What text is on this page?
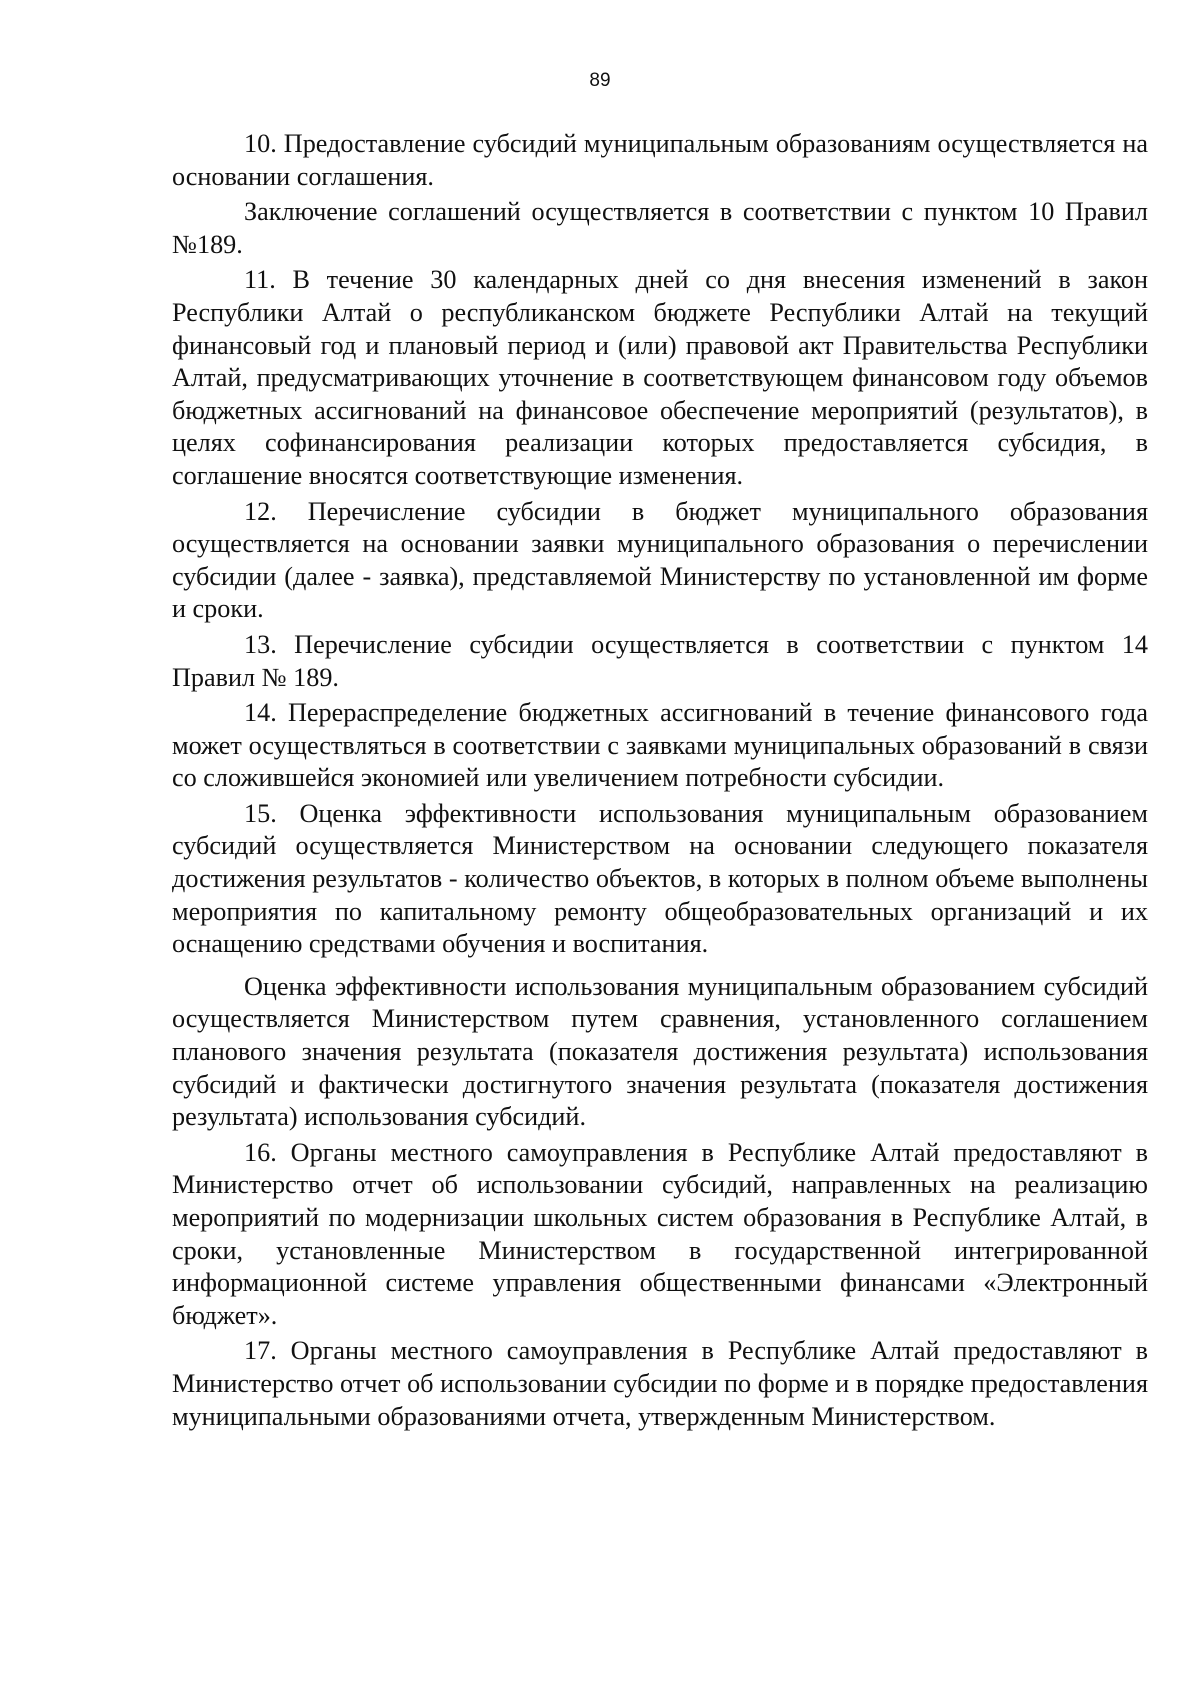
89

10. Предоставление субсидий муниципальным образованиям осуществляется на основании соглашения.

Заключение соглашений осуществляется в соответствии с пунктом 10 Правил №189.

11. В течение 30 календарных дней со дня внесения изменений в закон Республики Алтай о республиканском бюджете Республики Алтай на текущий финансовый год и плановый период и (или) правовой акт Правительства Республики Алтай, предусматривающих уточнение в соответствующем финансовом году объемов бюджетных ассигнований на финансовое обеспечение мероприятий (результатов), в целях софинансирования реализации которых предоставляется субсидия, в соглашение вносятся соответствующие изменения.

12. Перечисление субсидии в бюджет муниципального образования осуществляется на основании заявки муниципального образования о перечислении субсидии (далее - заявка), представляемой Министерству по установленной им форме и сроки.

13. Перечисление субсидии осуществляется в соответствии с пунктом 14 Правил № 189.

14. Перераспределение бюджетных ассигнований в течение финансового года может осуществляться в соответствии с заявками муниципальных образований в связи со сложившейся экономией или увеличением потребности субсидии.

15. Оценка эффективности использования муниципальным образованием субсидий осуществляется Министерством на основании следующего показателя достижения результатов - количество объектов, в которых в полном объеме выполнены мероприятия по капитальному ремонту общеобразовательных организаций и их оснащению средствами обучения и воспитания.

Оценка эффективности использования муниципальным образованием субсидий осуществляется Министерством путем сравнения, установленного соглашением планового значения результата (показателя достижения результата) использования субсидий и фактически достигнутого значения результата (показателя достижения результата) использования субсидий.

16. Органы местного самоуправления в Республике Алтай предоставляют в Министерство отчет об использовании субсидий, направленных на реализацию мероприятий по модернизации школьных систем образования в Республике Алтай, в сроки, установленные Министерством в государственной интегрированной информационной системе управления общественными финансами «Электронный бюджет».

17. Органы местного самоуправления в Республике Алтай предоставляют в Министерство отчет об использовании субсидии по форме и в порядке предоставления муниципальными образованиями отчета, утвержденным Министерством.
